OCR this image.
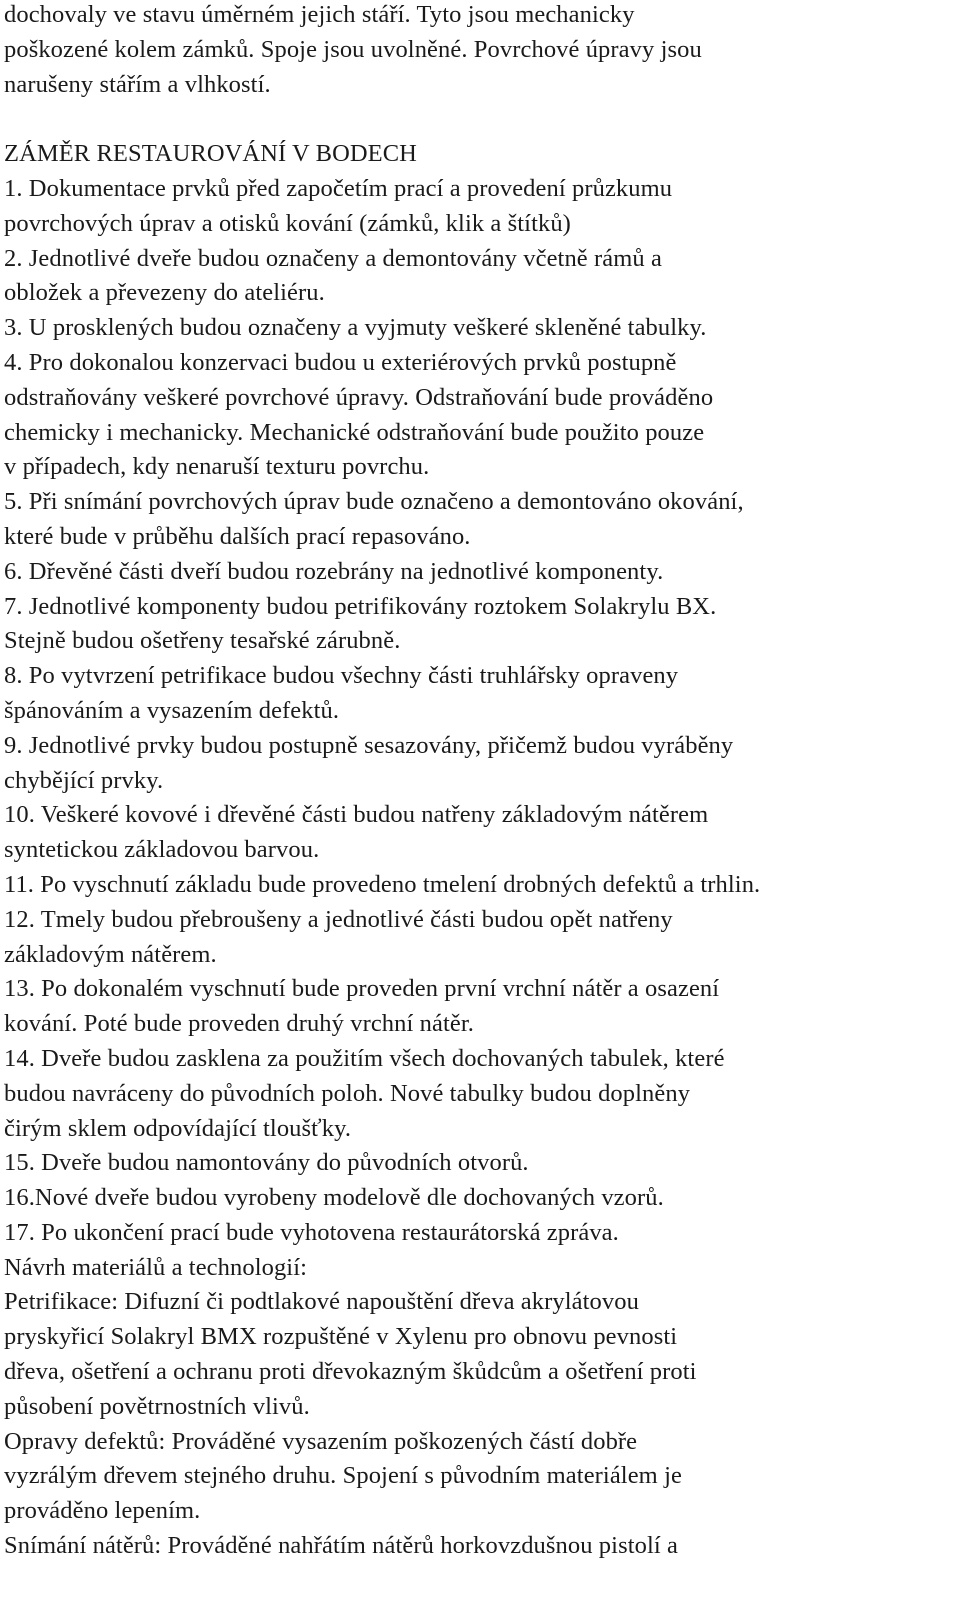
dochovaly ve stavu úměrném jejich stáří. Tyto jsou mechanicky
poškozené kolem zámků. Spoje jsou uvolněné. Povrchové úpravy jsou
narušeny stářím a vlhkostí.
ZÁMĚR RESTAUROVÁNÍ V BODECH
1. Dokumentace prvků před započetím prací a provedení průzkumu
povrchových úprav a otisků kování (zámků, klik a štítků)
2. Jednotlivé dveře budou označeny a demontovány včetně rámů a
obložek a převezeny do ateliéru.
3. U prosklených budou označeny a vyjmuty veškeré skleněné tabulky.
4. Pro dokonalou konzervaci budou u exteriérových prvků postupně
odstraňovány veškeré povrchové úpravy. Odstraňování bude prováděno
chemicky i mechanicky. Mechanické odstraňování bude použito pouze
v případech, kdy nenaruší texturu povrchu.
5. Při snímání povrchových úprav bude označeno a demontováno okování,
které bude v průběhu dalších prací repasováno.
6. Dřevěné části dveří budou rozebrány na jednotlivé komponenty.
7. Jednotlivé komponenty budou petrifikovány roztokem Solakrylu BX.
Stejně budou ošetřeny tesařské zárubně.
8. Po vytvrzení petrifikace budou všechny části truhlářsky opraveny
špánováním a vysazením defektů.
9. Jednotlivé prvky budou postupně sesazovány, přičemž budou vyráběny
chybějící prvky.
10. Veškeré kovové i dřevěné části budou natřeny základovým nátěrem
syntetickou základovou barvou.
11. Po vyschnutí základu bude provedeno tmelení drobných defektů a trhlin.
12. Tmely budou přebroušeny a jednotlivé části budou opět natřeny
základovým nátěrem.
13. Po dokonalém vyschnutí bude proveden první vrchní nátěr a osazení
kování. Poté bude proveden druhý vrchní nátěr.
14. Dveře budou zasklena za použitím všech dochovaných tabulek, které
budou navráceny do původních poloh. Nové tabulky budou doplněny
čirým sklem odpovídající tloušťky.
15. Dveře budou namontovány do původních otvorů.
16.Nové dveře budou vyrobeny modelově dle dochovaných vzorů.
17. Po ukončení prací bude vyhotovena restaurátorská zpráva.
Návrh materiálů a technologií:
Petrifikace: Difuzní či podtlakové napouštění dřeva akrylátovou
pryskyřicí Solakryl BMX rozpuštěné v Xylenu pro obnovu pevnosti
dřeva, ošetření a ochranu proti dřevokazným škůdcům a ošetření proti
působení povětrnostních vlivů.
Opravy defektů: Prováděné vysazením poškozených částí dobře
vyzrálým dřevem stejného druhu. Spojení s původním materiálem je
prováděno lepením.
Snímání nátěrů: Prováděné nahřátím nátěrů horkovzdušnou pistolí a
